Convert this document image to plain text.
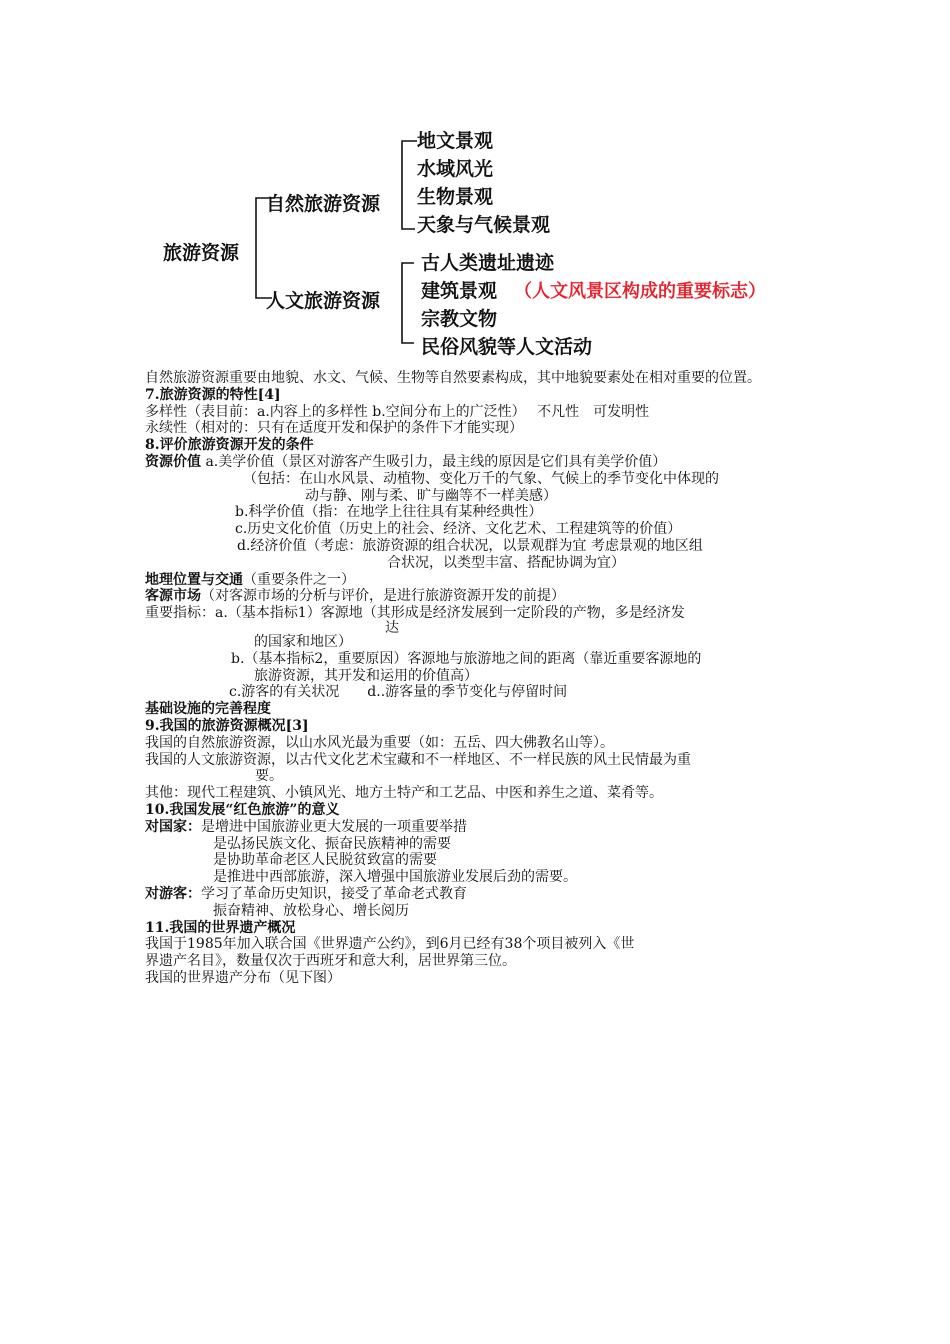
旅游资源
自然旅游资源
人文旅游资源
地文景观
水域风光
生物景观
天象与气候景观
古人类遗址遗迹
建筑景观 （人文风景区构成的重要标志）
宗教文物
民俗风貌等人文活动
自然旅游资源重要由地貌、水文、气候、生物等自然要素构成，其中地貌要素处在相对重要的位置。
7.旅游资源的特性[4]
多样性（表目前：a.内容上的多样性 b.空间分布上的广泛性）　 不凡性　可发明性
永续性（相对的：只有在适度开发和保护的条件下才能实现）
8.评价旅游资源开发的条件
资源价值 a.美学价值（景区对游客产生吸引力，最主线的原因是它们具有美学价值）
（包括：在山水风景、动植物、变化万千的气象、气候上的季节变化中体现的
动与静、刚与柔、旷与幽等不一样美感）
b.科学价值（指：在地学上往往具有某种经典性）
c.历史文化价值（历史上的社会、经济、文化艺术、工程建筑等的价值）
d.经济价值（考虑：旅游资源的组合状况，以景观群为宜 考虑景观的地区组
合状况，以类型丰富、搭配协调为宜）
地理位置与交通（重要条件之一）
客源市场（对客源市场的分析与评价，是进行旅游资源开发的前提）
重要指标：a.（基本指标1）客源地（其形成是经济发展到一定阶段的产物，多是经济发
达
的国家和地区）
b.（基本指标2，重要原因）客源地与旅游地之间的距离（靠近重要客源地的
旅游资源，其开发和运用的价值高）
c.游客的有关状况　　d..游客量的季节变化与停留时间
基础设施的完善程度
9.我国的旅游资源概况[3]
我国的自然旅游资源，以山水风光最为重要（如：五岳、四大佛教名山等）。
我国的人文旅游资源，以古代文化艺术宝藏和不一样地区、不一样民族的风土民情最为重
要。
其他：现代工程建筑、小镇风光、地方土特产和工艺品、中医和养生之道、菜肴等。
10.我国发展“红色旅游”的意义
对国家：是增进中国旅游业更大发展的一项重要举措
是弘扬民族文化、振奋民族精神的需要
是协助革命老区人民脱贫致富的需要
是推进中西部旅游，深入增强中国旅游业发展后劲的需要。
对游客：学习了革命历史知识，接受了革命老式教育
振奋精神、放松身心、增长阅历
11.我国的世界遗产概况
我国于1985年加入联合国《世界遗产公约》，到6月已经有38个项目被列入《世
界遗产名目》，数量仅次于西班牙和意大利，居世界第三位。
我国的世界遗产分布（见下图）
